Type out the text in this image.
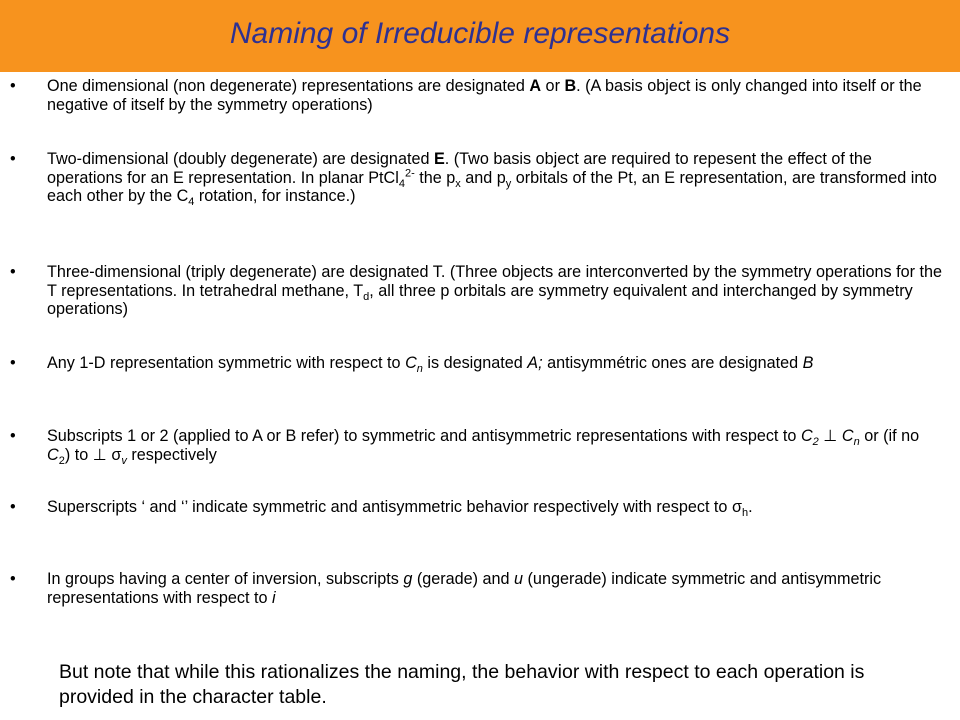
Naming of Irreducible representations
•	One dimensional (non degenerate) representations are designated A or B. (A basis object is only changed into itself or the negative of itself by the symmetry operations)
•	Two-dimensional (doubly degenerate) are designated E. (Two basis object are required to repesent the effect of the operations for an E representation. In planar PtCl$_4^{2-}$ the $p_x$ and $p_y$ orbitals of the Pt, an E representation, are transformed into each other by the $C_4$ rotation, for instance.)
•	Three-dimensional (triply degenerate) are designated T. (Three objects are interconverted by the symmetry operations for the T representations. In tetrahedral methane, $T_d$, all three p orbitals are symmetry equivalent and interchanged by symmetry operations)
•	Any 1-D representation symmetric with respect to $C_n$ is designated A; antisymmétric ones are designated B
•	Subscripts 1 or 2 (applied to A or B refer) to symmetric and antisymmetric representations with respect to $C_2$ ⊥ $C_n$ or (if no $C_2$) to ⊥ $\sigma_v$ respectively
•	Superscripts ‘ and ‘’ indicate symmetric and antisymmetric behavior respectively with respect to $\sigma_h$.
•	In groups having a center of inversion, subscripts g (gerade) and u (ungerade) indicate symmetric and antisymmetric representations with respect to i
But note that while this rationalizes the naming, the behavior with respect to each operation is provided in the character table.
